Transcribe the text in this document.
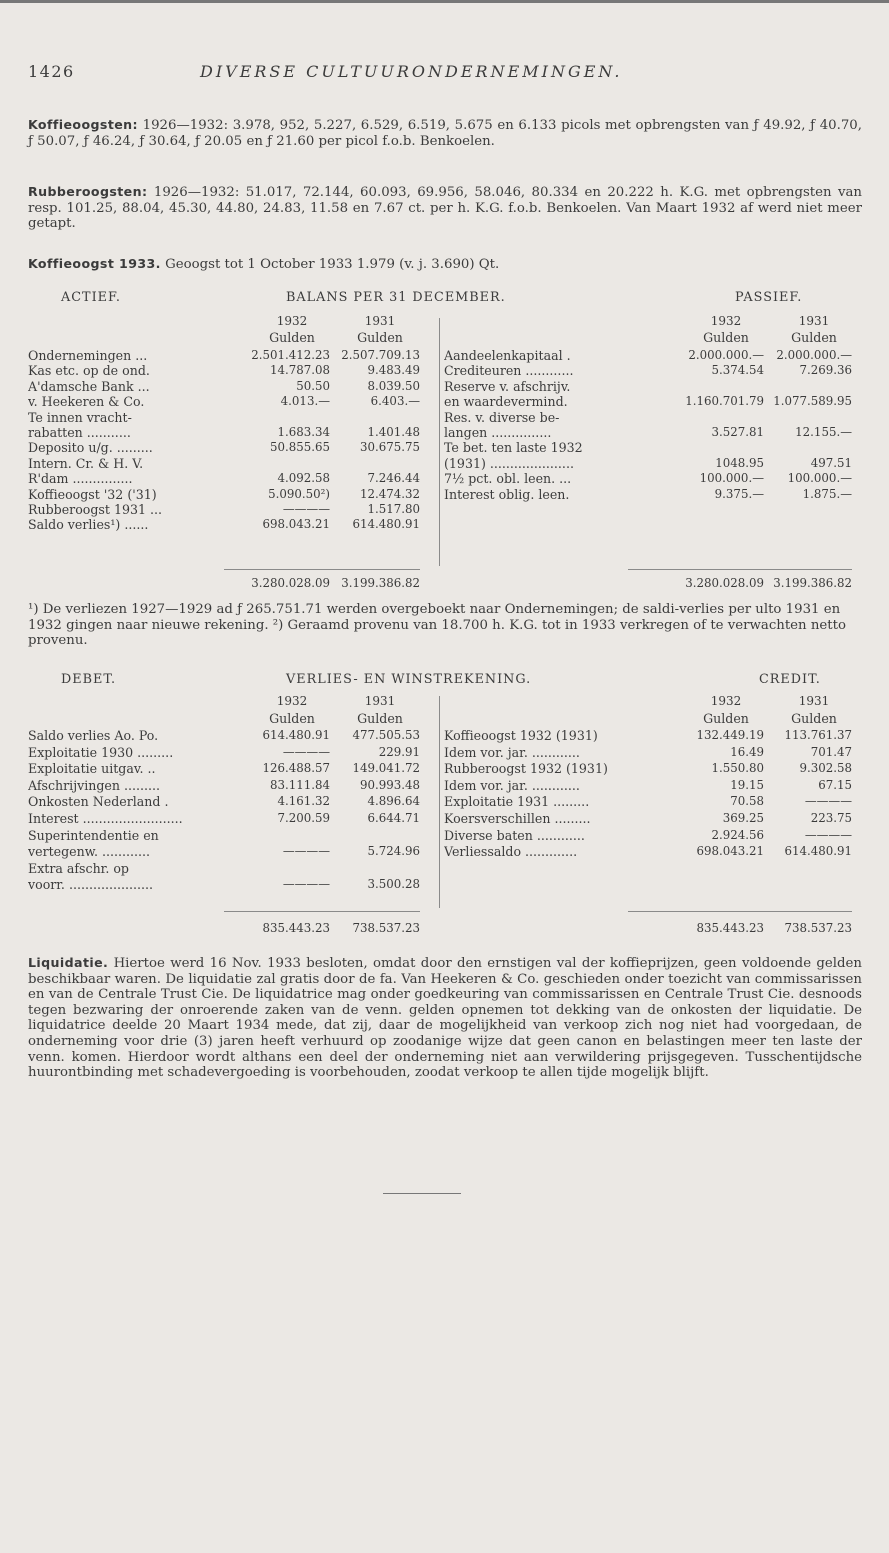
1426	DIVERSE CULTUURONDERNEMINGEN.
Koffieoogsten: 1926—1932: 3.978, 952, 5.227, 6.529, 6.519, 5.675 en 6.133 picols met opbrengsten van ƒ 49.92, ƒ 40.70, ƒ 50.07, ƒ 46.24, ƒ 30.64, ƒ 20.05 en ƒ 21.60 per picol f.o.b. Benkoelen.
Rubberoogsten: 1926—1932: 51.017, 72.144, 60.093, 69.956, 58.046, 80.334 en 20.222 h. K.G. met opbrengsten van resp. 101.25, 88.04, 45.30, 44.80, 24.83, 11.58 en 7.67 ct. per h. K.G. f.o.b. Benkoelen. Van Maart 1932 af werd niet meer getapt.
Koffieoogst 1933. Geoogst tot 1 October 1933 1.979 (v. j. 3.690) Qt.
ACTIEF.	BALANS PER 31 DECEMBER.	PASSIEF.
1932	1931
Gulden	Gulden
1932	1931
Gulden	Gulden
Ondernemingen ...	2.501.412.23 2.507.709.13
Kas etc. op de ond.	14.787.08	9.483.49
A'damsche Bank ...	50.50	8.039.50
v. Heekeren & Co.	4.013.—	6.403.—
Te innen vracht-
rabatten ...........	1.683.34	1.401.48
Deposito u/g. .........	50.855.65	30.675.75
Intern. Cr. & H. V.
R'dam ...............	4.092.58	7.246.44
Koffieoogst '32 ('31)	5.090.50²)	12.474.32
Rubberoogst 1931 ...	————	1.517.80
Saldo verlies¹) ......	698.043.21	614.480.91
Aandeelenkapitaal .	2.000.000.—	2.000.000.—
Crediteuren ............	5.374.54	7.269.36
Reserve v. afschrijv.
en waardevermind.	1.160.701.79 1.077.589.95
Res. v. diverse be-
langen ...............	3.527.81	12.155.—
Te bet. ten laste 1932
(1931) .....................	1048.95	497.51
7½ pct. obl. leen. ...	100.000.—	100.000.—
Interest oblig. leen.	9.375.—	1.875.—
3.280.028.09 3.199.386.82	3.280.028.09 3.199.386.82
¹) De verliezen 1927—1929 ad ƒ 265.751.71 werden overgeboekt naar Ondernemingen; de saldi-verlies per ulto 1931 en 1932 gingen naar nieuwe rekening. ²) Geraamd provenu van 18.700 h. K.G. tot in 1933 verkregen of te verwachten netto provenu.
DEBET.	VERLIES- EN WINSTREKENING.	CREDIT.
1932	1931
Gulden	Gulden
1932	1931
Gulden	Gulden
Saldo verlies Ao. Po.	614.480.91	477.505.53
Exploitatie 1930 .........	————	229.91
Exploitatie uitgav. ..	126.488.57	149.041.72
Afschrijvingen .........	83.111.84	90.993.48
Onkosten Nederland .	4.161.32	4.896.64
Interest .........................	7.200.59	6.644.71
Superintendentie en
vertegenw. ............	————	5.724.96
Extra afschr. op
voorr. .....................	————	3.500.28
Koffieoogst 1932 (1931)	132.449.19	113.761.37
Idem vor. jar. ............	16.49	701.47
Rubberoogst 1932 (1931)	1.550.80	9.302.58
Idem vor. jar. ............	19.15	67.15
Exploitatie 1931 .........	70.58	————
Koersverschillen .........	369.25	223.75
Diverse baten ............	2.924.56	————
Verliessaldo .............	698.043.21	614.480.91
835.443.23	738.537.23	835.443.23	738.537.23
Liquidatie. Hiertoe werd 16 Nov. 1933 besloten, omdat door den ernstigen val der koffieprijzen, geen voldoende gelden beschikbaar waren. De liquidatie zal gratis door de fa. Van Heekeren & Co. geschieden onder toezicht van commissarissen en van de Centrale Trust Cie. De liquidatrice mag onder goedkeuring van commissarissen en Centrale Trust Cie. desnoods tegen bezwaring der onroerende zaken van de venn. gelden opnemen tot dekking van de onkosten der liquidatie. De liquidatrice deelde 20 Maart 1934 mede, dat zij, daar de mogelijkheid van verkoop zich nog niet had voorgedaan, de onderneming voor drie (3) jaren heeft verhuurd op zoodanige wijze dat geen canon en belastingen meer ten laste der venn. komen. Hierdoor wordt althans een deel der onderneming niet aan verwildering prijsgegeven. Tusschentijdsche huurontbinding met schadevergoeding is voorbehouden, zoodat verkoop te allen tijde mogelijk blijft.
